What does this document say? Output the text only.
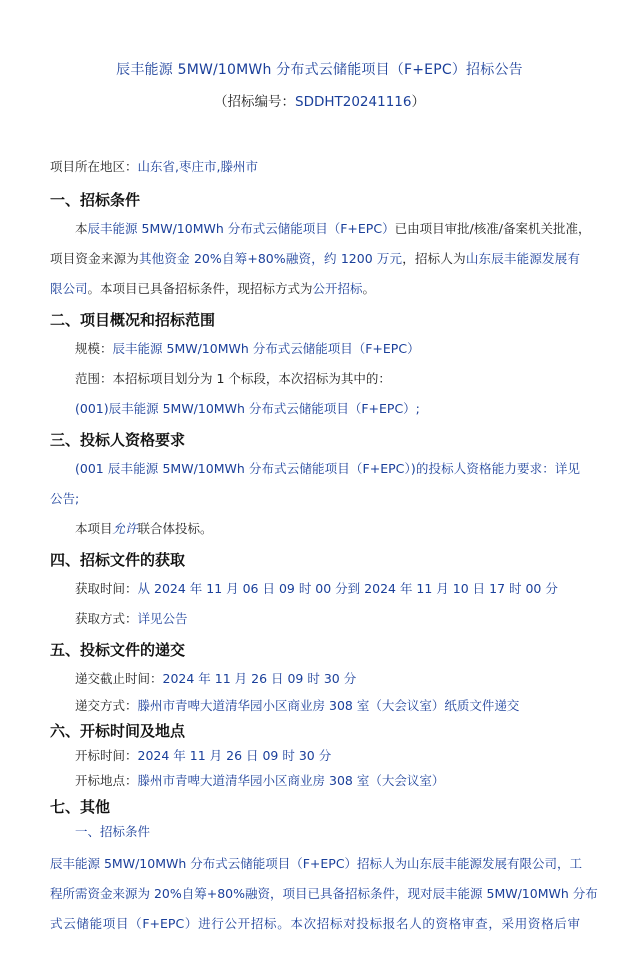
辰丰能源 5MW/10MWh 分布式云储能项目（F+EPC）招标公告
（招标编号：SDDHT20241116）
项目所在地区：山东省,枣庄市,滕州市
一、招标条件
本辰丰能源 5MW/10MWh 分布式云储能项目（F+EPC）已由项目审批/核准/备案机关批准，
项目资金来源为其他资金 20%自筹+80%融资，约 1200 万元，招标人为山东辰丰能源发展有
限公司。本项目已具备招标条件，现招标方式为公开招标。
二、项目概况和招标范围
规模：辰丰能源 5MW/10MWh 分布式云储能项目（F+EPC）
范围：本招标项目划分为 1 个标段，本次招标为其中的：
(001)辰丰能源 5MW/10MWh 分布式云储能项目（F+EPC）;
三、投标人资格要求
(001 辰丰能源 5MW/10MWh 分布式云储能项目（F+EPC）)的投标人资格能力要求：详见
公告;
本项目允许联合体投标。
四、招标文件的获取
获取时间：从 2024 年 11 月 06 日 09 时 00 分到 2024 年 11 月 10 日 17 时 00 分
获取方式：详见公告
五、投标文件的递交
递交截止时间：2024 年 11 月 26 日 09 时 30 分
递交方式：滕州市青啤大道清华园小区商业房 308 室（大会议室）纸质文件递交
六、开标时间及地点
开标时间：2024 年 11 月 26 日 09 时 30 分
开标地点：滕州市青啤大道清华园小区商业房 308 室（大会议室）
七、其他
一、招标条件
辰丰能源 5MW/10MWh 分布式云储能项目（F+EPC）招标人为山东辰丰能源发展有限公司，工
程所需资金来源为 20%自筹+80%融资，项目已具备招标条件，现对辰丰能源 5MW/10MWh 分布
式云储能项目（F+EPC）进行公开招标。本次招标对投标报名人的资格审查，采用资格后审
